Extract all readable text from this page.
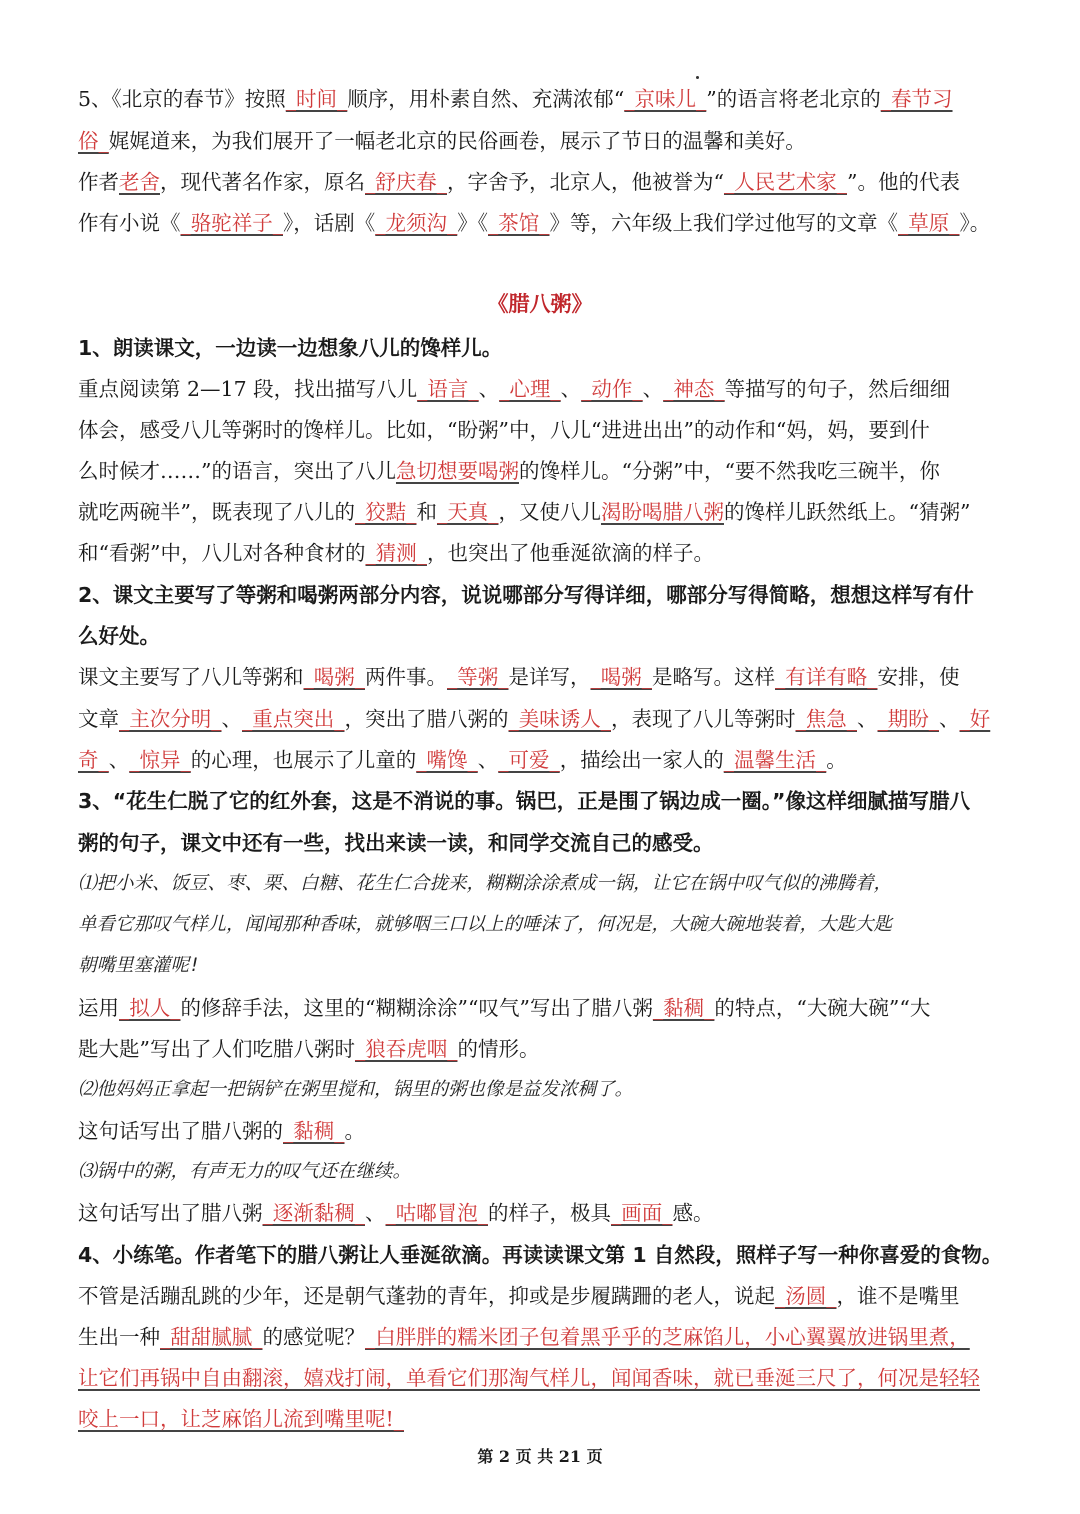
5、《北京的春节》按照_时间_顺序，用朴素自然、充满浓郁“_京味儿_”的语言将老北京的_春节习
俗_娓娓道来，为我们展开了一幅老北京的民俗画卷，展示了节日的温馨和美好。
作者老舍，现代著名作家，原名_舒庆春_，字舍予，北京人，他被誉为“_人民艺术家_”。他的代表
作有小说《_骆驼祥子_》，话剧《_龙须沟_》《_茶馆_》等，六年级上我们学过他写的文章《_草原_》。
《腊八粥》
1、朗读课文，一边读一边想象八儿的馋样儿。
重点阅读第 2—17 段，找出描写八儿_语言_、_心理_、_动作_、_神态_等描写的句子，然后细细
体会，感受八儿等粥时的馋样儿。比如，“盼粥”中，八儿“进进出出”的动作和“妈，妈，要到什
么时候才……”的语言，突出了八儿急切想要喝粥的馋样儿。“分粥”中，“要不然我吃三碗半，你
就吃两碗半”，既表现了八儿的_狡黠_和_天真_，又使八儿渴盼喝腊八粥的馋样儿跃然纸上。“猜粥”
和“看粥”中，八儿对各种食材的_猜测_，也突出了他垂涎欲滴的样子。
2、课文主要写了等粥和喝粥两部分内容，说说哪部分写得详细，哪部分写得简略，想想这样写有什
么好处。
课文主要写了八儿等粥和_喝粥_两件事。_等粥_是详写，_喝粥_是略写。这样_有详有略_安排，使
文章_主次分明_、_重点突出_，突出了腊八粥的_美味诱人_，表现了八儿等粥时_焦急_、_期盼_、_好
奇_、_惊异_的心理，也展示了儿童的_嘴馋_、_可爱_，描绘出一家人的_温馨生活_。
3、“花生仁脱了它的红外套，这是不消说的事。锅巴，正是围了锅边成一圈。”像这样细腻描写腊八
粥的句子，课文中还有一些，找出来读一读，和同学交流自己的感受。
⑴把小米、饭豆、枣、栗、白糖、花生仁合拢来，糊糊涂涂煮成一锅，让它在锅中叹气似的沸腾着，
单看它那叹气样儿，闻闻那种香味，就够咽三口以上的唾沫了，何况是，大碗大碗地装着，大匙大匙
朝嘴里塞灌呢!
运用_拟人_的修辞手法，这里的“糊糊涂涂”“叹气”写出了腊八粥_黏稠_的特点，“大碗大碗”“大
匙大匙”写出了人们吃腊八粥时_狼吞虎咽_的情形。
⑵他妈妈正拿起一把锅铲在粥里搅和，锅里的粥也像是益发浓稠了。
这句话写出了腊八粥的_黏稠_。
⑶锅中的粥，有声无力的叹气还在继续。
这句话写出了腊八粥_逐渐黏稠_、_咕嘟冒泡_的样子，极具_画面_感。
4、小练笔。作者笔下的腊八粥让人垂涎欲滴。再读读课文第 1 自然段，照样子写一种你喜爱的食物。
不管是活蹦乱跳的少年，还是朝气蓬勃的青年，抑或是步履蹒跚的老人，说起_汤圆_，谁不是嘴里
生出一种_甜甜腻腻_的感觉呢？_白胖胖的糯米团子包着黑乎乎的芝麻馅儿，小心翼翼放进锅里煮，
让它们再锅中自由翻滚，嬉戏打闹，单看它们那淘气样儿，闻闻香味，就已垂涎三尺了，何况是轻轻
咬上一口，让芝麻馅儿流到嘴里呢!_
第 2 页 共 21 页
